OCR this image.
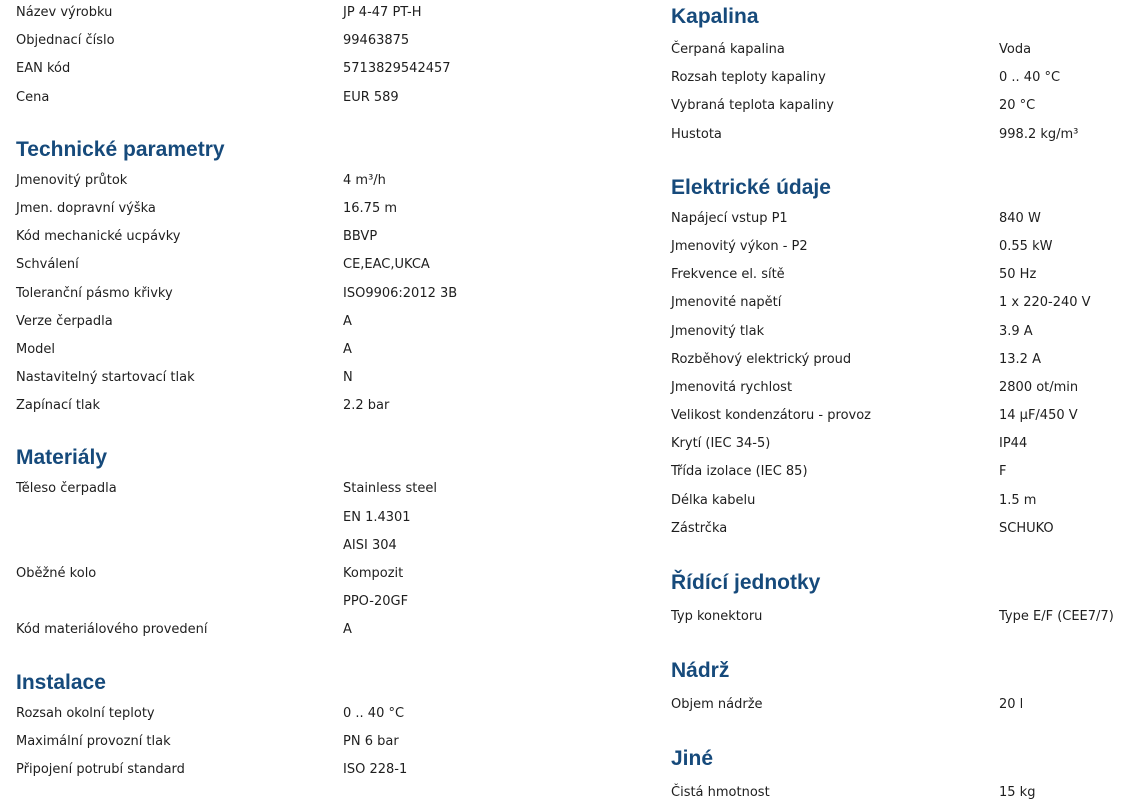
Název výrobku	JP 4-47 PT-H
Objednací číslo	99463875
EAN kód	5713829542457
Cena	EUR 589
Technické parametry
Jmenovitý průtok	4 m³/h
Jmen. dopravní výška	16.75 m
Kód mechanické ucpávky	BBVP
Schválení	CE,EAC,UKCA
Toleranční pásmo křivky	ISO9906:2012 3B
Verze čerpadla	A
Model	A
Nastavitelný startovací tlak	N
Zapínací tlak	2.2 bar
Materiály
Těleso čerpadla	Stainless steel
EN 1.4301
AISI 304
Oběžné kolo	Kompozit
PPO-20GF
Kód materiálového provedení	A
Instalace
Rozsah okolní teploty	0 .. 40 °C
Maximální provozní tlak	PN 6 bar
Připojení potrubí standard	ISO 228-1
Kapalina
Čerpaná kapalina	Voda
Rozsah teploty kapaliny	0 .. 40 °C
Vybraná teplota kapaliny	20 °C
Hustota	998.2 kg/m³
Elektrické údaje
Napájecí vstup P1	840 W
Jmenovitý výkon - P2	0.55 kW
Frekvence el. sítě	50 Hz
Jmenovité napětí	1 x 220-240 V
Jmenovitý tlak	3.9 A
Rozběhový elektrický proud	13.2 A
Jmenovitá rychlost	2800 ot/min
Velikost kondenzátoru - provoz	14 µF/450 V
Krytí (IEC 34-5)	IP44
Třída izolace (IEC 85)	F
Délka kabelu	1.5 m
Zástrčka	SCHUKO
Řídící jednotky
Typ konektoru	Type E/F (CEE7/7)
Nádrž
Objem nádrže	20 l
Jiné
Čistá hmotnost	15 kg
